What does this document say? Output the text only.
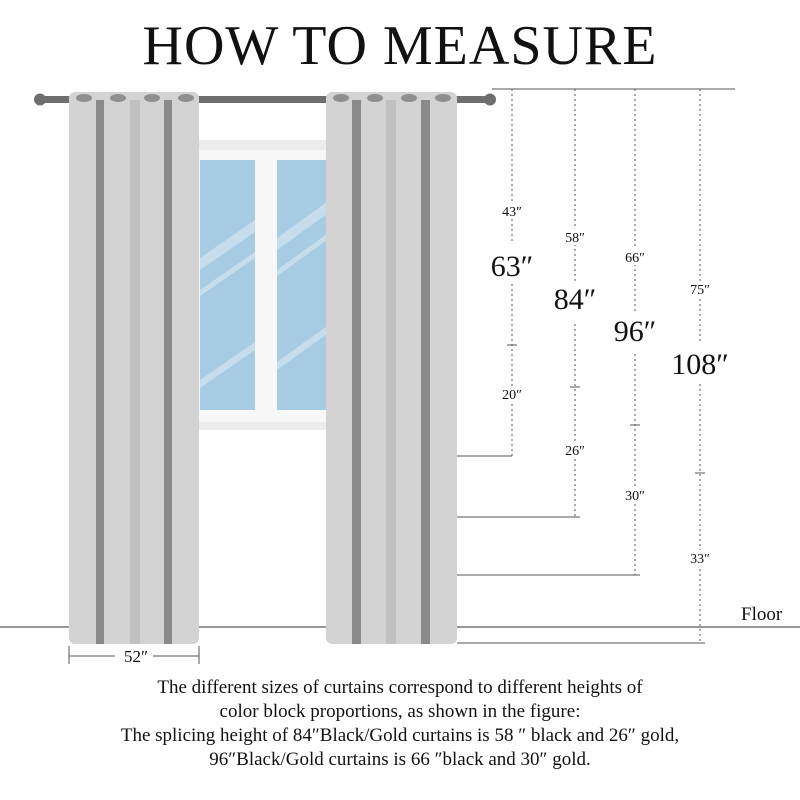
HOW TO MEASURE
Floor
52″
43″
63″
20″
58″
84″
26″
66″
96″
30″
75″
108″
33″
The different sizes of curtains correspond to different heights of
color block proportions, as shown in the figure:
The splicing height of 84″Black/Gold curtains is 58 ″ black and 26″ gold,
96″Black/Gold curtains is 66 ″black and 30″ gold.
